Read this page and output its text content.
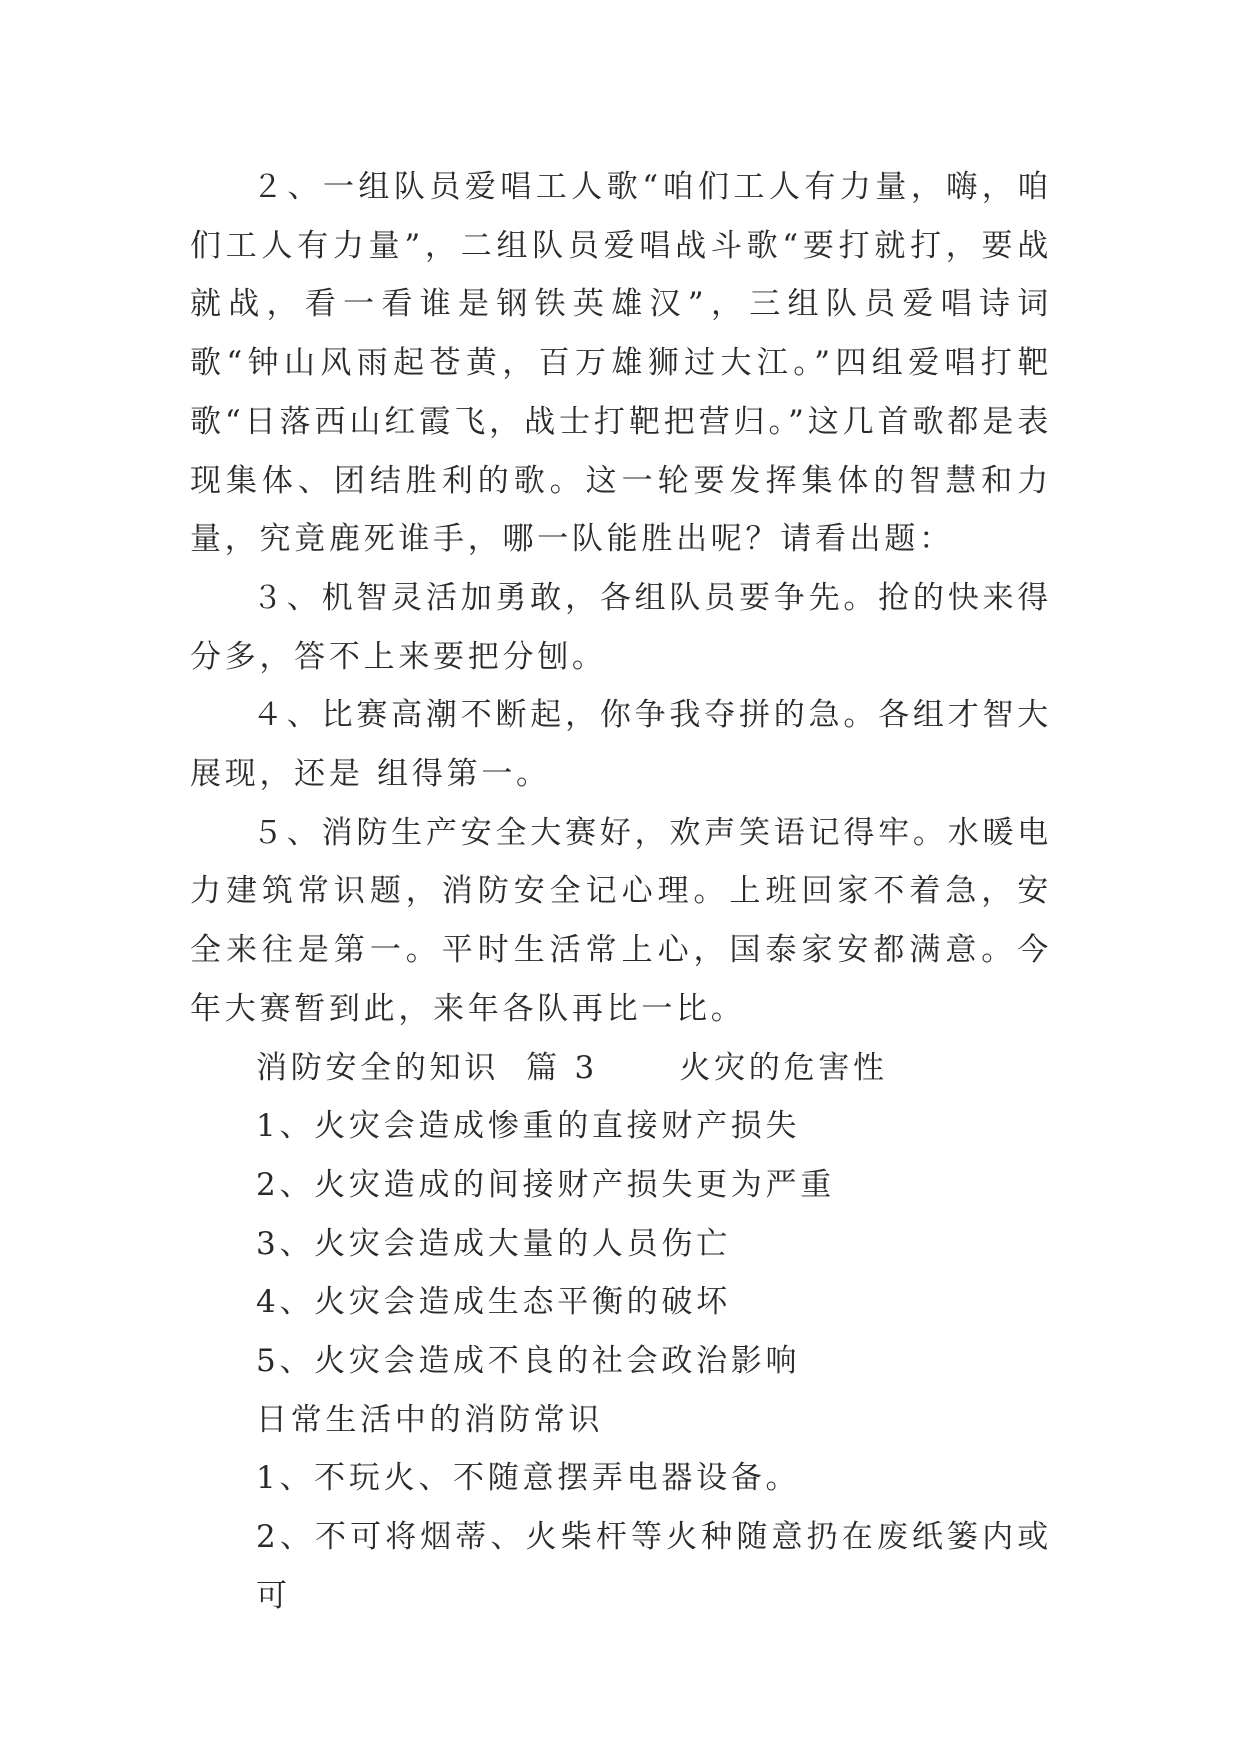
２、一组队员爱唱工人歌“咱们工人有力量，嗨，咱们工人有力量”，二组队员爱唱战斗歌“要打就打，要战就战，看一看谁是钢铁英雄汉”，三组队员爱唱诗词歌“钟山风雨起苍黄，百万雄狮过大江。”四组爱唱打靶歌“日落西山红霞飞，战士打靶把营归。”这几首歌都是表现集体、团结胜利的歌。这一轮要发挥集体的智慧和力量，究竟鹿死谁手，哪一队能胜出呢？请看出题：

３、机智灵活加勇敢，各组队员要争先。抢的快来得分多，答不上来要把分刨。

４、比赛高潮不断起，你争我夺拼的急。各组才智大展现，还是 组得第一。

５、消防生产安全大赛好，欢声笑语记得牢。水暖电力建筑常识题，消防安全记心理。上班回家不着急，安全来往是第一。平时生活常上心，国泰家安都满意。今年大赛暂到此，来年各队再比一比。

消防安全的知识  篇 3      火灾的危害性

1、火灾会造成惨重的直接财产损失

2、火灾造成的间接财产损失更为严重

3、火灾会造成大量的人员伤亡

4、火灾会造成生态平衡的破坏

5、火灾会造成不良的社会政治影响

日常生活中的消防常识

1、不玩火、不随意摆弄电器设备。

2、不可将烟蒂、火柴杆等火种随意扔在废纸篓内或可
